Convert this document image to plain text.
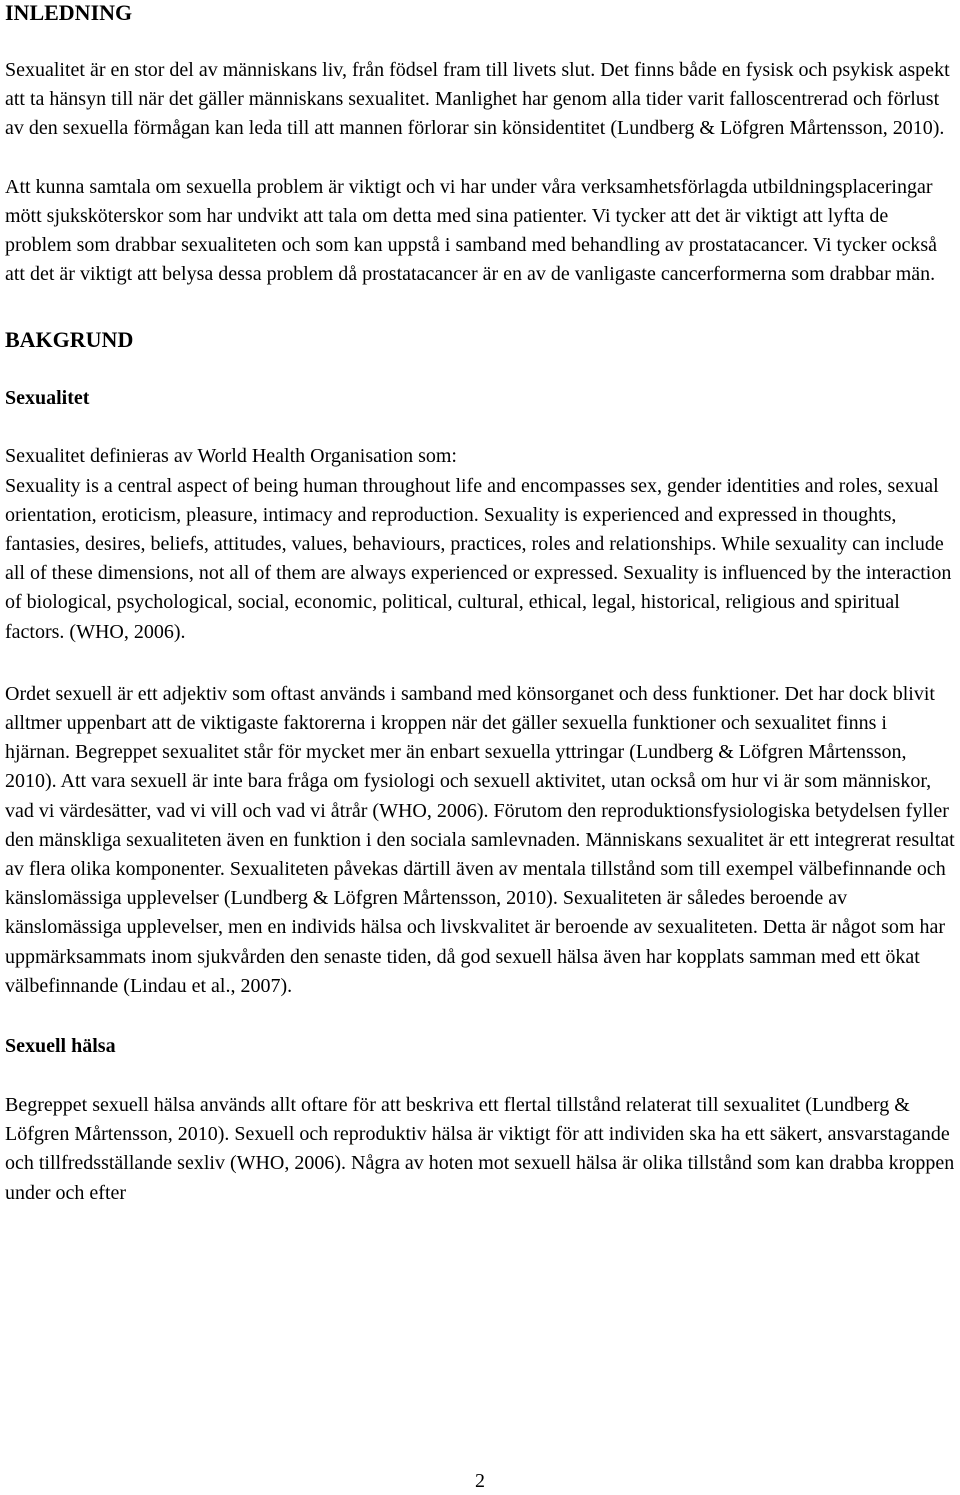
INLEDNING

Sexualitet är en stor del av människans liv, från födsel fram till livets slut. Det finns både en fysisk och psykisk aspekt att ta hänsyn till när det gäller människans sexualitet. Manlighet har genom alla tider varit falloscentrerad och förlust av den sexuella förmågan kan leda till att mannen förlorar sin könsidentitet (Lundberg & Löfgren Mårtensson, 2010).

Att kunna samtala om sexuella problem är viktigt och vi har under våra verksamhetsförlagda utbildningsplaceringar mött sjuksköterskor som har undvikt att tala om detta med sina patienter. Vi tycker att det är viktigt att lyfta de problem som drabbar sexualiteten och som kan uppstå i samband med behandling av prostatacancer. Vi tycker också att det är viktigt att belysa dessa problem då prostatacancer är en av de vanligaste cancerformerna som drabbar män.

BAKGRUND
Sexualitet

Sexualitet definieras av World Health Organisation som:

Sexuality is a central aspect of being human throughout life and encompasses sex, gender identities and roles, sexual orientation, eroticism, pleasure, intimacy and reproduction. Sexuality is experienced and expressed in thoughts, fantasies, desires, beliefs, attitudes, values, behaviours, practices, roles and relationships. While sexuality can include all of these dimensions, not all of them are always experienced or expressed. Sexuality is influenced by the interaction of biological, psychological, social, economic, political, cultural, ethical, legal, historical, religious and spiritual factors. (WHO, 2006).

Ordet sexuell är ett adjektiv som oftast används i samband med könsorganet och dess funktioner. Det har dock blivit alltmer uppenbart att de viktigaste faktorerna i kroppen när det gäller sexuella funktioner och sexualitet finns i hjärnan. Begreppet sexualitet står för mycket mer än enbart sexuella yttringar (Lundberg & Löfgren Mårtensson, 2010). Att vara sexuell är inte bara fråga om fysiologi och sexuell aktivitet, utan också om hur vi är som människor, vad vi värdesätter, vad vi vill och vad vi åtrår (WHO, 2006). Förutom den reproduktionsfysiologiska betydelsen fyller den mänskliga sexualiteten även en funktion i den sociala samlevnaden. Människans sexualitet är ett integrerat resultat av flera olika komponenter. Sexualiteten påvekas därtill även av mentala tillstånd som till exempel välbefinnande och känslomässiga upplevelser (Lundberg & Löfgren Mårtensson, 2010). Sexualiteten är således beroende av känslomässiga upplevelser, men en individs hälsa och livskvalitet är beroende av sexualiteten. Detta är något som har uppmärksammats inom sjukvården den senaste tiden, då god sexuell hälsa även har kopplats samman med ett ökat välbefinnande (Lindau et al., 2007).

Sexuell hälsa

Begreppet sexuell hälsa används allt oftare för att beskriva ett flertal tillstånd relaterat till sexualitet (Lundberg & Löfgren Mårtensson, 2010). Sexuell och reproduktiv hälsa är viktigt för att individen ska ha ett säkert, ansvarstagande och tillfredsställande sexliv (WHO, 2006). Några av hoten mot sexuell hälsa är olika tillstånd som kan drabba kroppen under och efter

2
